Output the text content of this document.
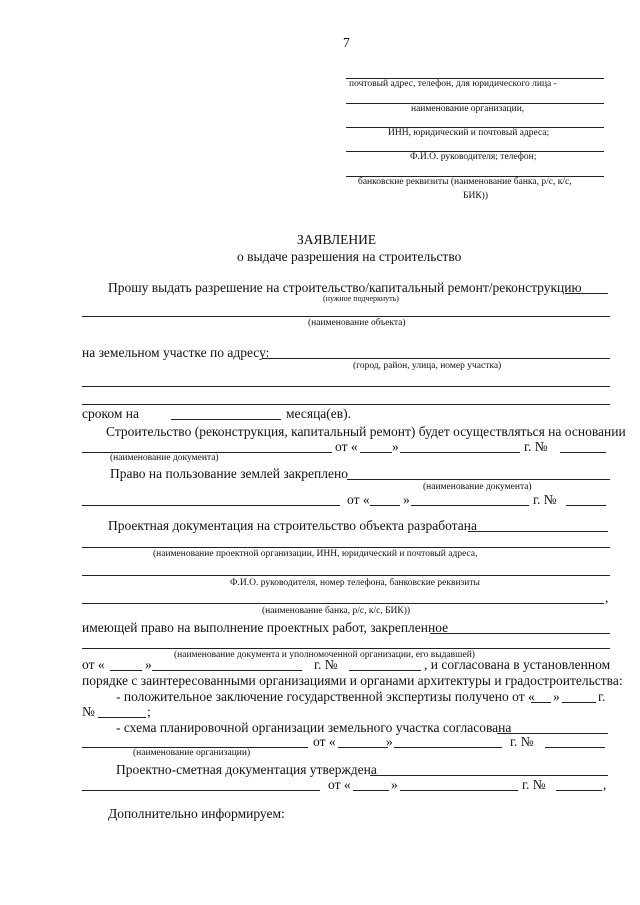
7
почтовый адрес, телефон, для юридического лица -
наименование организации,
ИНН, юридический и почтовый адреса;
Ф.И.О. руководителя; телефон;
банковские реквизиты (наименование банка, р/с, к/с,
БИК))
ЗАЯВЛЕНИЕ
о выдаче разрешения на строительство
Прошу выдать разрешение на строительство/капитальный ремонт/реконструкцию
(нужное подчеркнуть)
(наименование объекта)
на земельном участке по адресу:
(город, район, улица, номер участка)
сроком на	месяца(ев).
Строительство (реконструкция, капитальный ремонт) будет осуществляться на основании
от «	»	г. №
(наименование документа)
Право на пользование землей закреплено
(наименование документа)
от « »	г. №
Проектная документация на строительство объекта разработана
(наименование проектной организации, ИНН, юридический и почтовый адреса,
Ф.И.О. руководителя, номер телефона, банковские реквизиты
,
(наименование банка, р/с, к/с, БИК))
имеющей право на выполнение проектных работ, закрепленное
(наименование документа и уполномоченной организации, его выдавшей)
от «	»	г. №	, и согласована в установленном
порядке с заинтересованными организациями и органами архитектуры и градостроительства:
- положительное заключение государственной экспертизы получено от « »	г.
№	;
- схема планировочной организации земельного участка согласована
от «	»	г. №
(наименование организации)
Проектно-сметная документация утверждена
от «	»	г. №	,
Дополнительно информируем:
